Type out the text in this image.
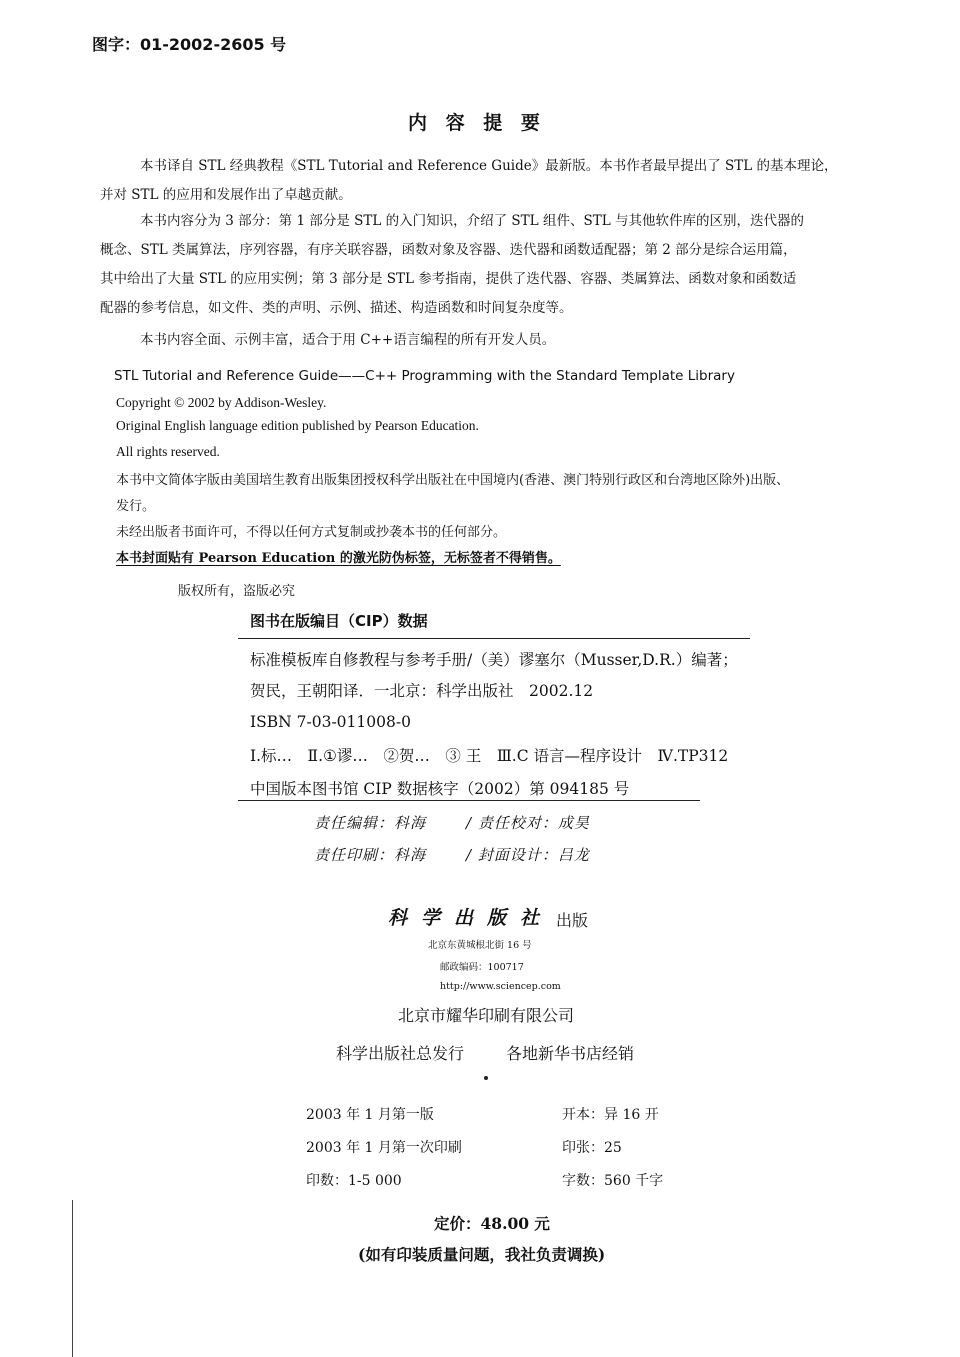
图字：01-2002-2605 号
内 容 提 要
本书译自 STL 经典教程《STL Tutorial and Reference Guide》最新版。本书作者最早提出了 STL 的基本理论，
并对 STL 的应用和发展作出了卓越贡献。
本书内容分为 3 部分：第 1 部分是 STL 的入门知识，介绍了 STL 组件、STL 与其他软件库的区别，迭代器的
概念、STL 类属算法，序列容器，有序关联容器，函数对象及容器、迭代器和函数适配器；第 2 部分是综合运用篇，
其中给出了大量 STL 的应用实例；第 3 部分是 STL 参考指南，提供了迭代器、容器、类属算法、函数对象和函数适
配器的参考信息，如文件、类的声明、示例、描述、构造函数和时间复杂度等。
本书内容全面、示例丰富，适合于用 C++语言编程的所有开发人员。
STL Tutorial and Reference Guide——C++ Programming with the Standard Template Library
Copyright © 2002 by Addison-Wesley.
Original English language edition published by Pearson Education.
All rights reserved.
本书中文简体字版由美国培生教育出版集团授权科学出版社在中国境内(香港、澳门特别行政区和台湾地区除外)出版、
发行。
未经出版者书面许可，不得以任何方式复制或抄袭本书的任何部分。
本书封面贴有 Pearson Education 的激光防伪标签，无标签者不得销售。
版权所有，盗版必究
图书在版编目（CIP）数据
标准模板库自修教程与参考手册/（美）谬塞尔（Musser,D.R.）编著；
贺民，王朝阳译．一北京：科学出版社　2002.12
ISBN 7-03-011008-0
Ⅰ.标…　Ⅱ.①谬…　②贺…　③ 王　Ⅲ.C 语言—程序设计　Ⅳ.TP312
中国版本图书馆 CIP 数据核字（2002）第 094185 号
责任编辑：科海	/ 责任校对：成昊
责任印刷：科海	/ 封面设计：吕龙
科学出版社 出版
北京东黄城根北街 16 号
邮政编码：100717
http://www.sciencep.com
北京市耀华印刷有限公司
科学出版社总发行	各地新华书店经销
2003 年 1 月第一版	开本：异 16 开
2003 年 1 月第一次印刷	印张：25
印数：1-5 000	字数：560 千字
定价：48.00 元
(如有印装质量问题，我社负责调换)
